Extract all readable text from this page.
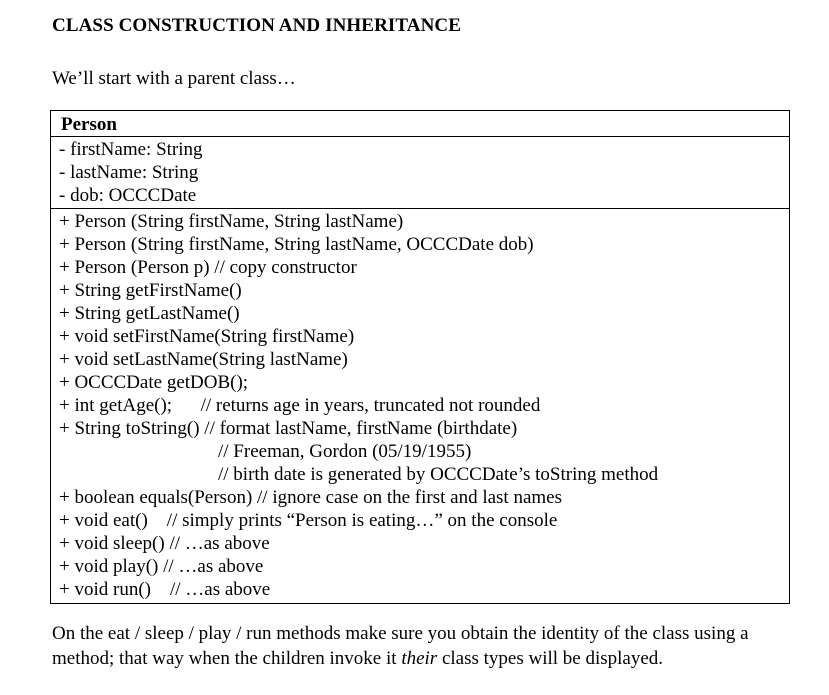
CLASS CONSTRUCTION AND INHERITANCE
We’ll start with a parent class…
Person
- firstName: String
- lastName: String
- dob: OCCCDate
+ Person (String firstName, String lastName)
+ Person (String firstName, String lastName, OCCCDate dob)
+ Person (Person p) // copy constructor
+ String getFirstName()
+ String getLastName()
+ void setFirstName(String firstName)
+ void setLastName(String lastName)
+ OCCCDate getDOB();
+ int getAge();      // returns age in years, truncated not rounded
+ String toString() // format lastName, firstName (birthdate)
// Freeman, Gordon (05/19/1955)
// birth date is generated by OCCCDate’s toString method
+ boolean equals(Person) // ignore case on the first and last names
+ void eat()    // simply prints “Person is eating…” on the console
+ void sleep() // …as above
+ void play() // …as above
+ void run()    // …as above
On the eat / sleep / play / run methods make sure you obtain the identity of the class using a method; that way when the children invoke it their class types will be displayed.
